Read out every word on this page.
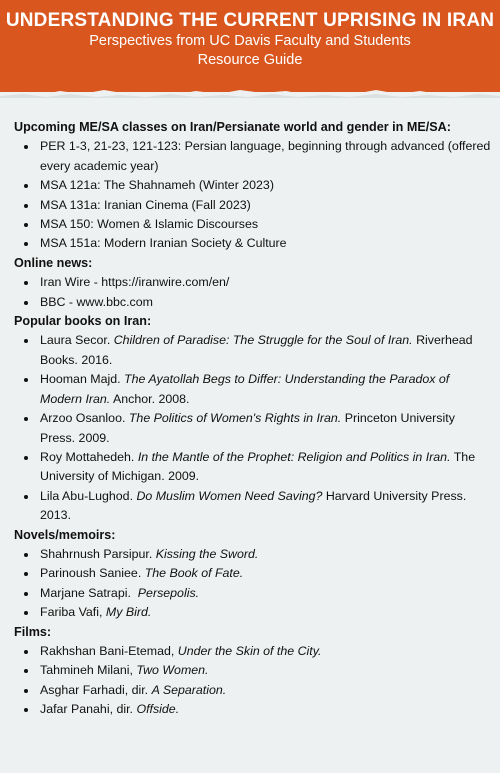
UNDERSTANDING THE CURRENT UPRISING IN IRAN
Perspectives from UC Davis Faculty and Students
Resource Guide
Upcoming ME/SA classes on Iran/Persianate world and gender in ME/SA:
• PER 1-3, 21-23, 121-123: Persian language, beginning through advanced (offered every academic year)
• MSA 121a: The Shahnameh (Winter 2023)
• MSA 131a: Iranian Cinema (Fall 2023)
• MSA 150: Women & Islamic Discourses
• MSA 151a: Modern Iranian Society & Culture
Online news:
• Iran Wire - https://iranwire.com/en/
• BBC - www.bbc.com
Popular books on Iran:
• Laura Secor. Children of Paradise: The Struggle for the Soul of Iran. Riverhead Books. 2016.
• Hooman Majd. The Ayatollah Begs to Differ: Understanding the Paradox of Modern Iran. Anchor. 2008.
• Arzoo Osanloo. The Politics of Women's Rights in Iran. Princeton University Press. 2009.
• Roy Mottahedeh. In the Mantle of the Prophet: Religion and Politics in Iran. The University of Michigan. 2009.
• Lila Abu-Lughod. Do Muslim Women Need Saving? Harvard University Press. 2013.
Novels/memoirs:
• Shahrnush Parsipur. Kissing the Sword.
• Parinoush Saniee. The Book of Fate.
• Marjane Satrapi.  Persepolis.
• Fariba Vafi, My Bird.
Films:
• Rakhshan Bani-Etemad, Under the Skin of the City.
• Tahmineh Milani, Two Women.
• Asghar Farhadi, dir. A Separation.
• Jafar Panahi, dir. Offside.
